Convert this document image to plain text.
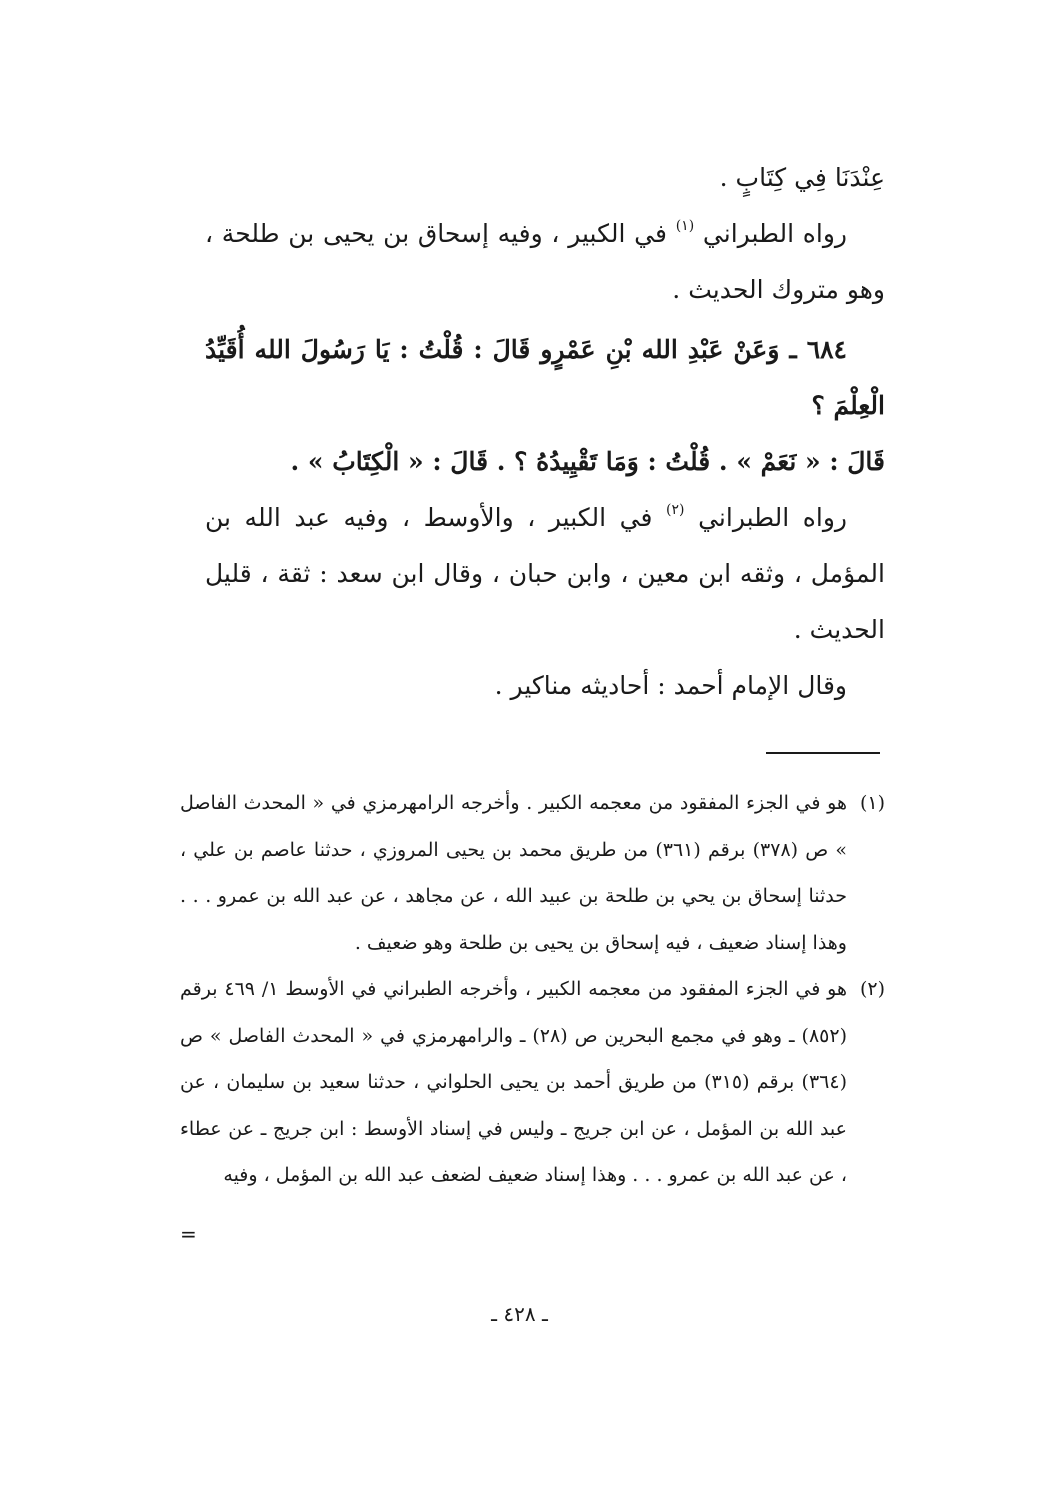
عِنْدَنَا فِي كِتَابٍ .

رواه الطبراني $^{(١)}$ في الكبير ، وفيه إسحاق بن يحيى بن طلحة ، وهو متروك الحديث .

٦٨٤ ـ وَعَنْ عَبْدِ الله بْنِ عَمْرٍو قَالَ : قُلْتُ : يَا رَسُولَ الله أُقَيِّدُ الْعِلْمَ ؟

قَالَ : « نَعَمْ » . قُلْتُ : وَمَا تَقْيِيدُهُ ؟ . قَالَ : « الْكِتَابُ » .

رواه الطبراني $^{(٢)}$ في الكبير ، والأوسط ، وفيه عبد الله بن المؤمل ، وثقه ابن معين ، وابن حبان ، وقال ابن سعد : ثقة ، قليل الحديث .

وقال الإمام أحمد : أحاديثه مناكير .

(١)
هو في الجزء المفقود من معجمه الكبير . وأخرجه الرامهرمزي في « المحدث الفاصل » ص (٣٧٨) برقم (٣٦١) من طريق محمد بن يحيى المروزي ، حدثنا عاصم بن علي ، حدثنا إسحاق بن يحي بن طلحة بن عبيد الله ، عن مجاهد ، عن عبد الله بن عمرو . . . وهذا إسناد ضعيف ، فيه إسحاق بن يحيى بن طلحة وهو ضعيف .
(٢)
هو في الجزء المفقود من معجمه الكبير ، وأخرجه الطبراني في الأوسط ١/ ٤٦٩ برقم (٨٥٢) ـ وهو في مجمع البحرين ص (٢٨) ـ والرامهرمزي في « المحدث الفاصل » ص (٣٦٤) برقم (٣١٥) من طريق أحمد بن يحيى الحلواني ، حدثنا سعيد بن سليمان ، عن عبد الله بن المؤمل ، عن ابن جريج ـ وليس في إسناد الأوسط : ابن جريج ـ عن عطاء ، عن عبد الله بن عمرو . . . وهذا إسناد ضعيف لضعف عبد الله بن المؤمل ، وفيه
=
ـ ٤٢٨ ـ
